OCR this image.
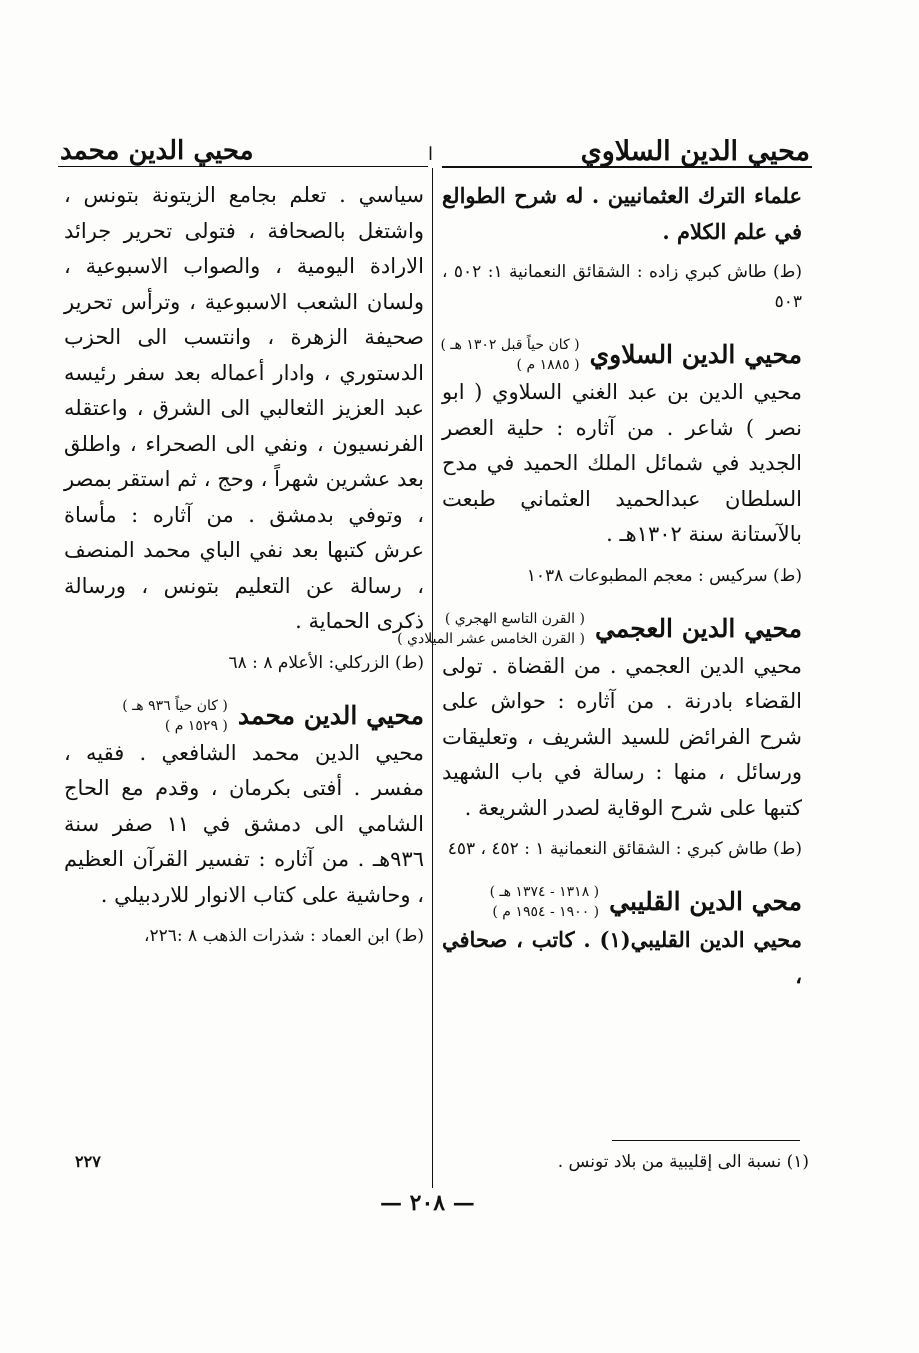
محيي الدين السلاوي
ا
محيي الدين محمد

علماء الترك العثمانيين . له شرح الطوالع في علم الكلام .

(ط) طاش كبري زاده : الشقائق النعمانية ١: ٥٠٢ ، ٥٠٣

محيي الدين السلاوي
( كان حياً قبل ١٣٠٢ هـ )
( ١٨٨٥ م )

محيي الدين بن عبد الغني السلاوي ( ابو نصر ) شاعر . من آثاره : حلية العصر الجديد في شمائل الملك الحميد في مدح السلطان عبدالحميد العثماني طبعت بالآستانة سنة ١٣٠٢هـ .

(ط) سركيس : معجم المطبوعات ١٠٣٨

محيي الدين العجمي
( القرن التاسع الهجري )
( القرن الخامس عشر الميلادي )

محيي الدين العجمي . من القضاة . تولى القضاء بادرنة . من آثاره : حواش على شرح الفرائض للسيد الشريف ، وتعليقات ورسائل ، منها : رسالة في باب الشهيد كتبها على شرح الوقاية لصدر الشريعة .

(ط) طاش كبري : الشقائق النعمانية ١ : ٤٥٢ ، ٤٥٣

محي الدين القليبي
( ١٣١٨ - ١٣٧٤ هـ )
( ١٩٠٠ - ١٩٥٤ م )

محيي الدين القليبي(١) . كاتب ، صحافي ،

سياسي . تعلم بجامع الزيتونة بتونس ، واشتغل بالصحافة ، فتولى تحرير جرائد الارادة اليومية ، والصواب الاسبوعية ، ولسان الشعب الاسبوعية ، وترأس تحرير صحيفة الزهرة ، وانتسب الى الحزب الدستوري ، وادار أعماله بعد سفر رئيسه عبد العزيز الثعالبي الى الشرق ، واعتقله الفرنسيون ، ونفي الى الصحراء ، واطلق بعد عشرين شهراً ، وحج ، ثم استقر بمصر ، وتوفي بدمشق . من آثاره : مأساة عرش كتبها بعد نفي الباي محمد المنصف ، رسالة عن التعليم بتونس ، ورسالة ذكرى الحماية .

(ط) الزركلي: الأعلام ٨ : ٦٨

محيي الدين محمد
( كان حياً ٩٣٦ هـ )
( ١٥٢٩ م )

محيي الدين محمد الشافعي . فقيه ، مفسر . أفتى بكرمان ، وقدم مع الحاج الشامي الى دمشق في ١١ صفر سنة ٩٣٦هـ . من آثاره : تفسير القرآن العظيم ، وحاشية على كتاب الانوار للاردبيلي .

(ط) ابن العماد : شذرات الذهب ٨ :٢٢٦،

(١) نسبة الى إقليبية من بلاد تونس .
٢٢٧
— ٢٠٨ —
